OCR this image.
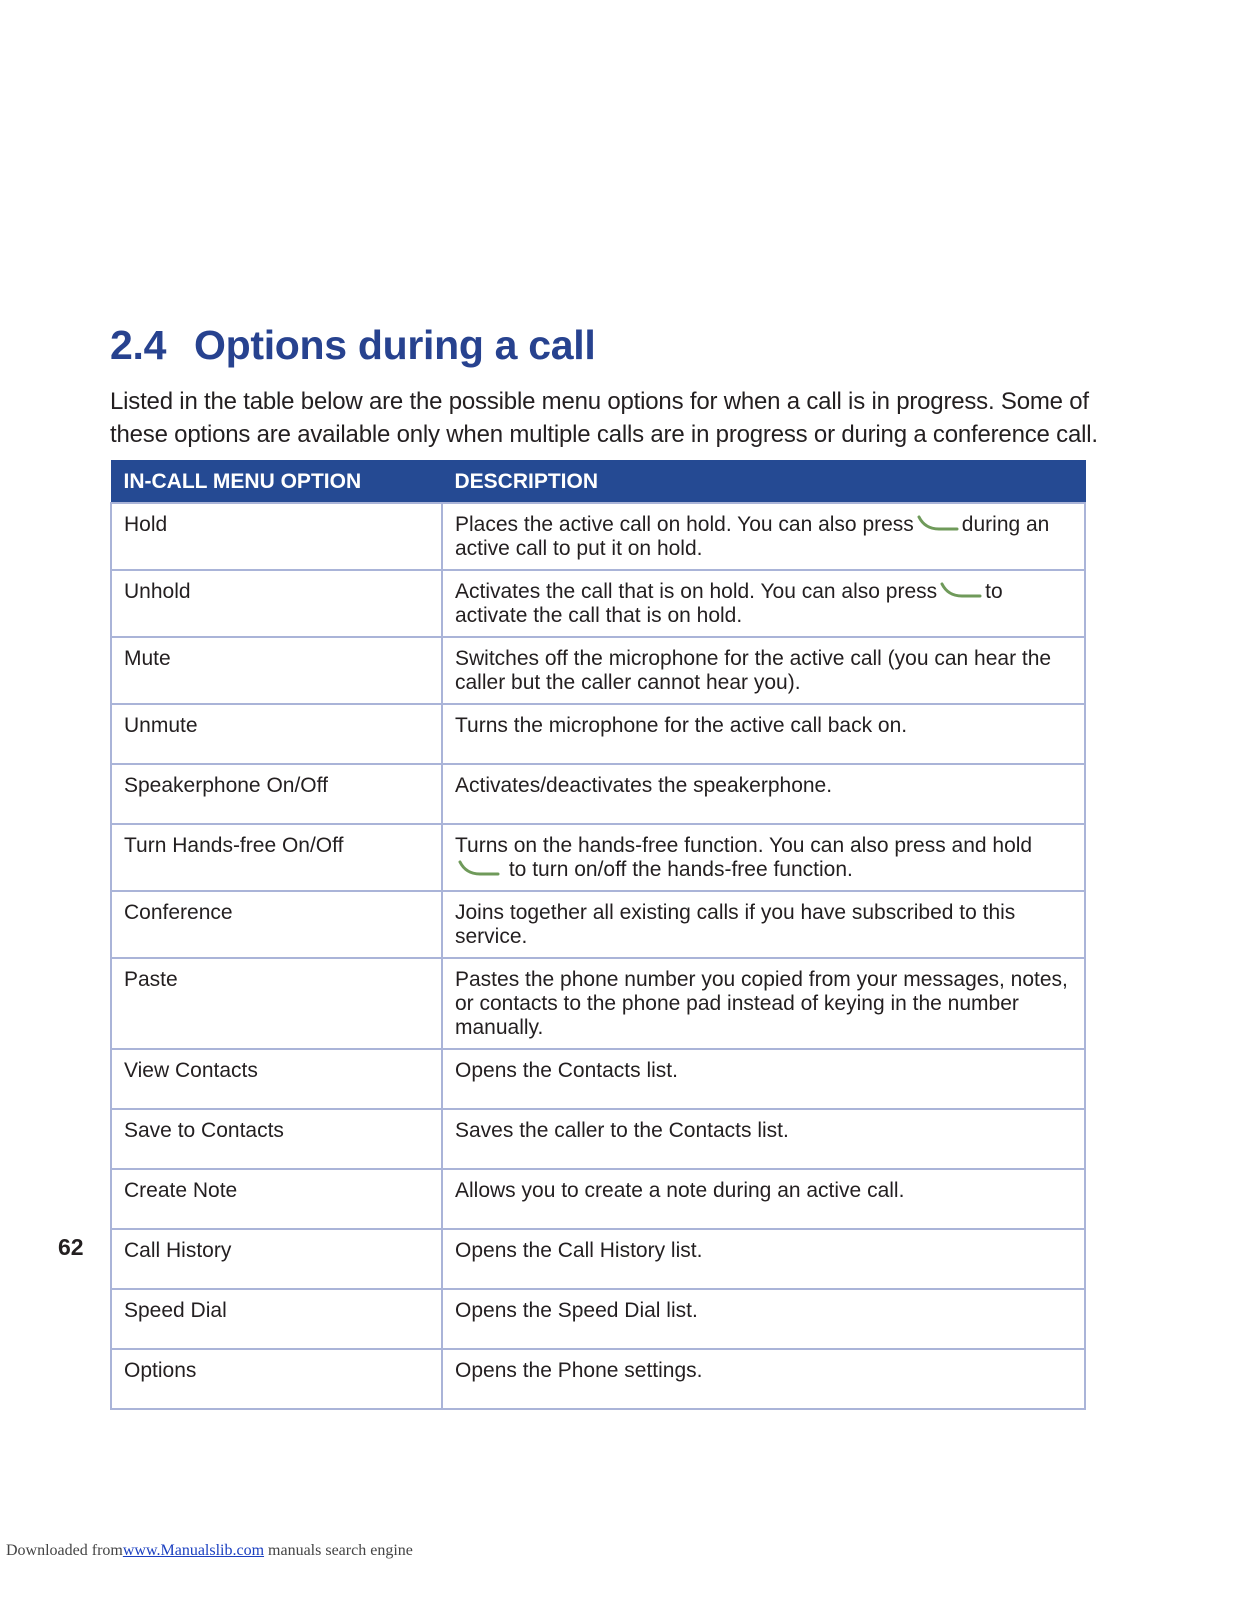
2.4 Options during a call

Listed in the table below are the possible menu options for when a call is in progress. Some of these options are available only when multiple calls are in progress or during a conference call.

IN-CALL MENU OPTION	DESCRIPTION
Hold	Places the active call on hold. You can also press during an active call to put it on hold.
Unhold	Activates the call that is on hold. You can also press to activate the call that is on hold.
Mute	Switches off the microphone for the active call (you can hear the caller but the caller cannot hear you).
Unmute	Turns the microphone for the active call back on.
Speakerphone On/Off	Activates/deactivates the speakerphone.
Turn Hands-free On/Off	Turns on the hands-free function. You can also press and hold to turn on/off the hands-free function.
Conference	Joins together all existing calls if you have subscribed to this service.
Paste	Pastes the phone number you copied from your messages, notes, or contacts to the phone pad instead of keying in the number manually.
View Contacts	Opens the Contacts list.
Save to Contacts	Saves the caller to the Contacts list.
Create Note	Allows you to create a note during an active call.
Call History	Opens the Call History list.
Speed Dial	Opens the Speed Dial list.
Options	Opens the Phone settings.
62
Downloaded fromwww.Manualslib.com manuals search engine
